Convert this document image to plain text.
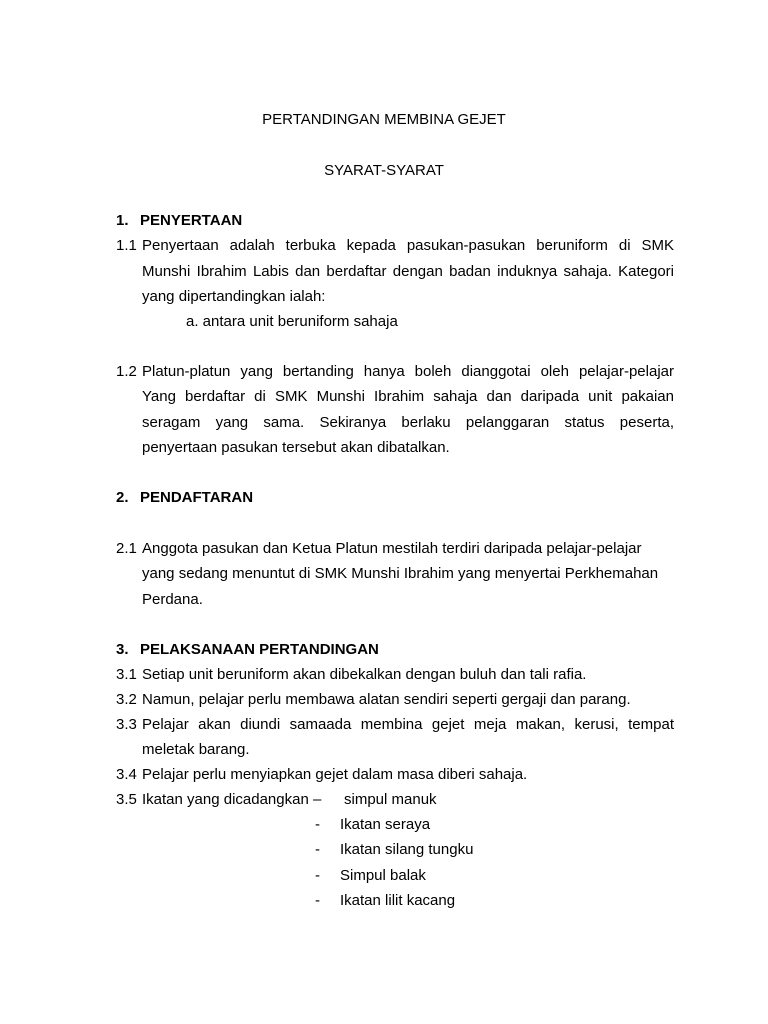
PERTANDINGAN MEMBINA GEJET
SYARAT-SYARAT
1. PENYERTAAN
1.1 Penyertaan adalah terbuka kepada pasukan-pasukan beruniform di SMK
Munshi Ibrahim Labis dan berdaftar dengan badan induknya sahaja. Kategori
yang dipertandingkan ialah:
a. antara unit beruniform sahaja
1.2 Platun-platun yang bertanding hanya boleh dianggotai oleh pelajar-pelajar
Yang berdaftar di SMK Munshi Ibrahim sahaja dan daripada unit pakaian
seragam yang sama. Sekiranya berlaku pelanggaran status peserta,
penyertaan pasukan tersebut akan dibatalkan.
2. PENDAFTARAN
2.1 Anggota pasukan dan Ketua Platun mestilah terdiri daripada pelajar-pelajar
yang sedang menuntut di SMK Munshi Ibrahim yang menyertai Perkhemahan
Perdana.
3. PELAKSANAAN PERTANDINGAN
3.1 Setiap unit beruniform akan dibekalkan dengan buluh dan tali rafia.
3.2 Namun, pelajar perlu membawa alatan sendiri seperti gergaji dan parang.
3.3 Pelajar akan diundi samaada membina gejet meja makan, kerusi, tempat
meletak barang.
3.4 Pelajar perlu menyiapkan gejet dalam masa diberi sahaja.
3.5 Ikatan yang dicadangkan – simpul manuk
- Ikatan seraya
- Ikatan silang tungku
- Simpul balak
- Ikatan lilit kacang
